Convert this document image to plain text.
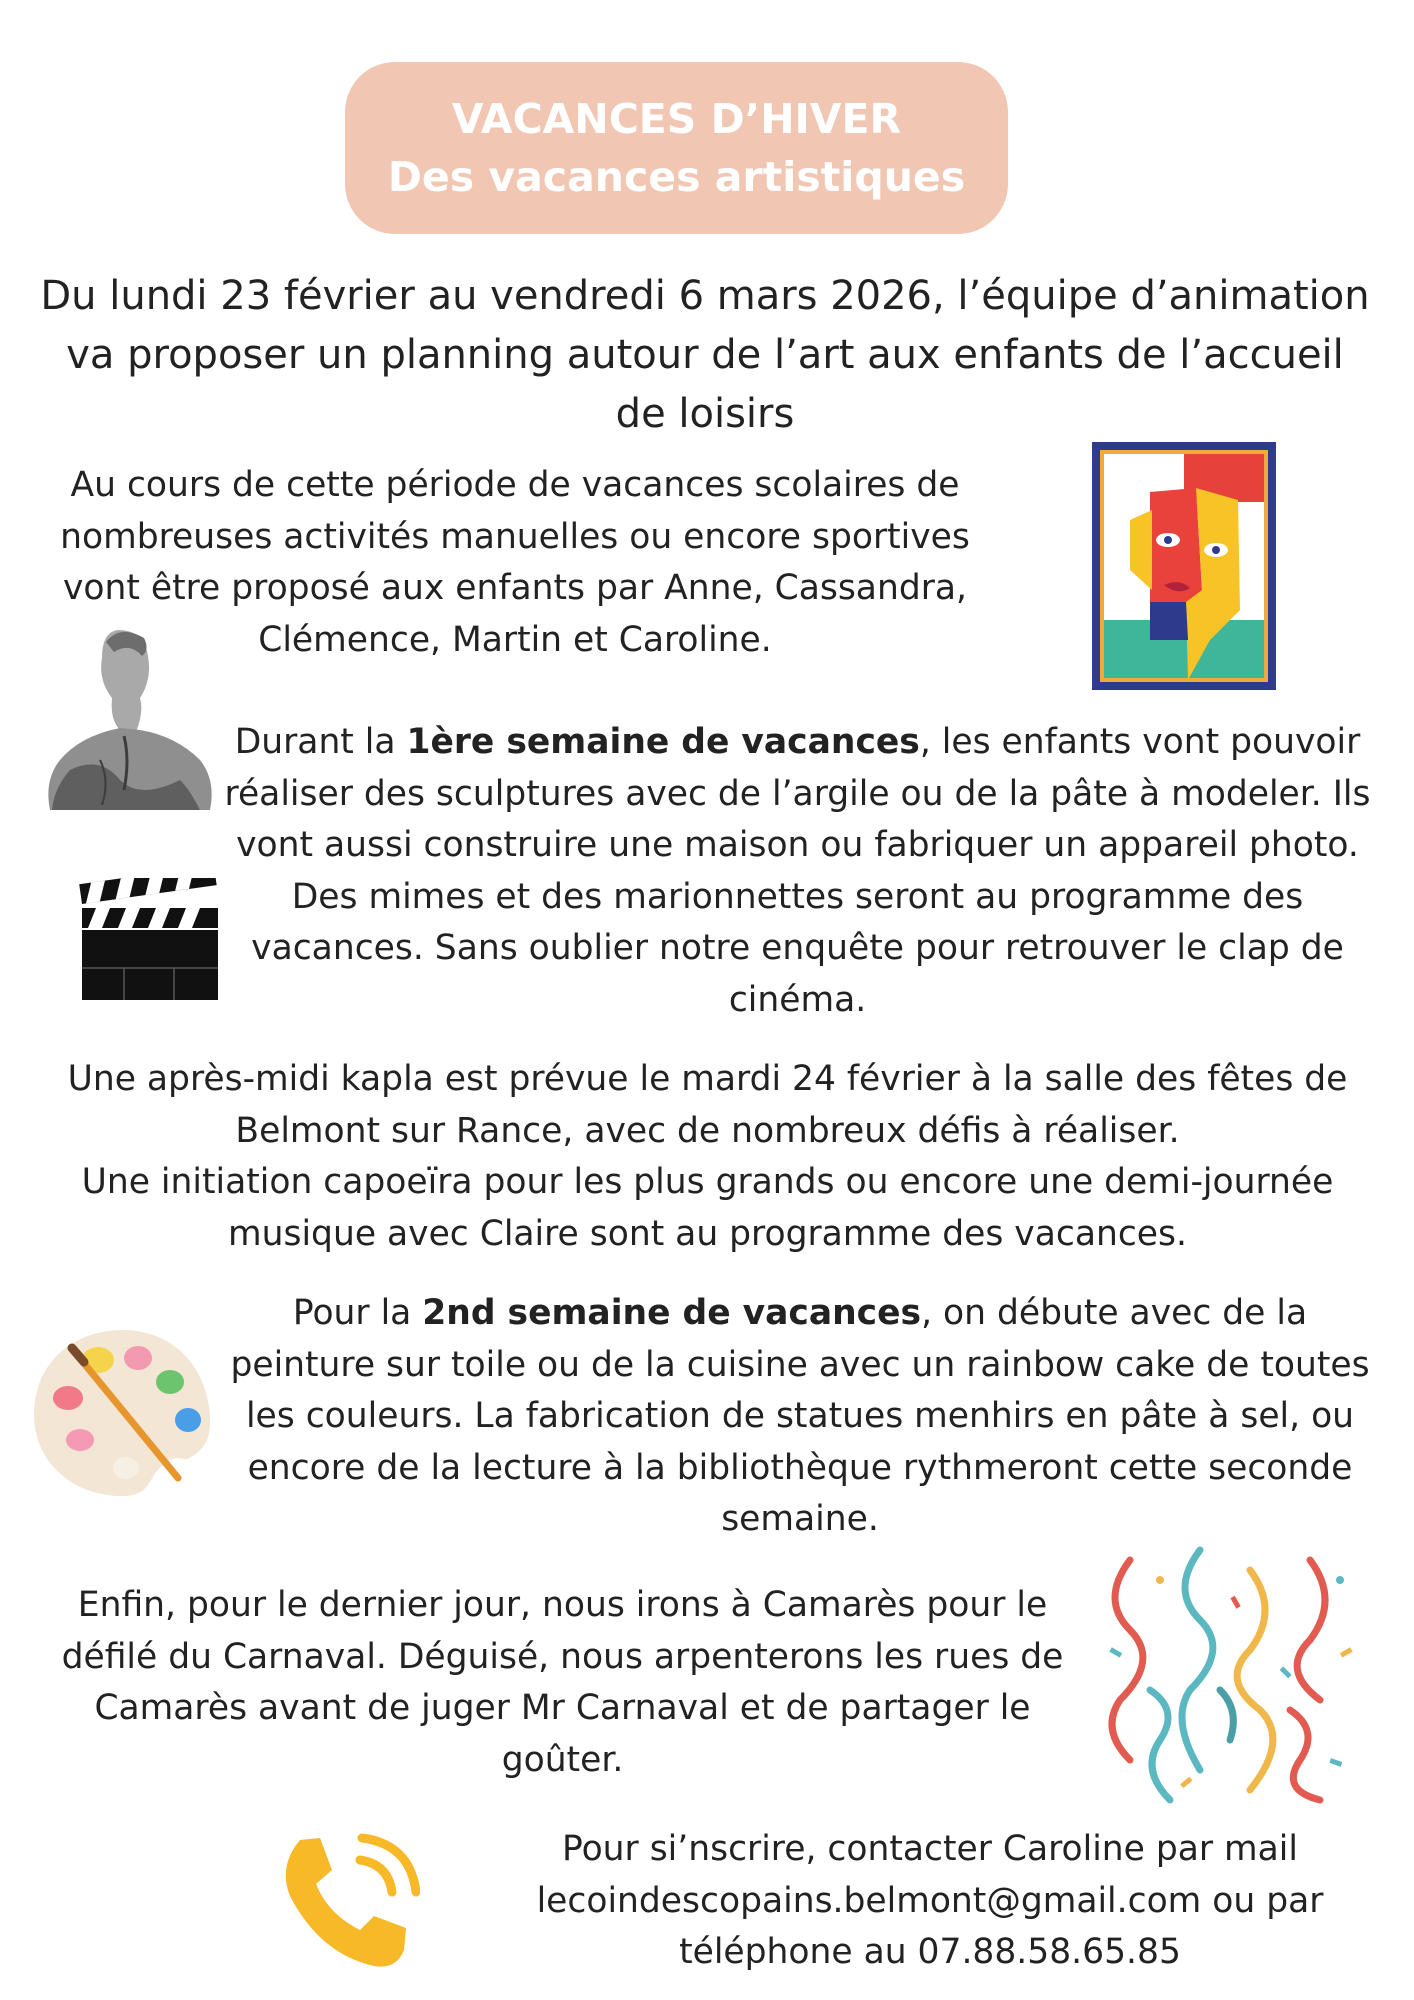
VACANCES D’HIVER
Des vacances artistiques
Du lundi 23 février au vendredi 6 mars 2026, l’équipe d’animation va proposer un planning autour de l’art aux enfants de l’accueil de loisirs
Au cours de cette période de vacances scolaires de
nombreuses activités manuelles ou encore sportives
vont être proposé aux enfants par Anne, Cassandra,
Clémence, Martin et Caroline.
Durant la 1ère semaine de vacances, les enfants vont pouvoir
réaliser des sculptures avec de l’argile ou de la pâte à modeler. Ils
vont aussi construire une maison ou fabriquer un appareil photo.
Des mimes et des marionnettes seront au programme des
vacances. Sans oublier notre enquête pour retrouver le clap de
cinéma.
Une après-midi kapla est prévue le mardi 24 février à la salle des fêtes de
Belmont sur Rance, avec de nombreux défis à réaliser.
Une initiation capoeïra pour les plus grands ou encore une demi-journée
musique avec Claire sont au programme des vacances.
Pour la 2nd semaine de vacances, on débute avec de la
peinture sur toile ou de la cuisine avec un rainbow cake de toutes
les couleurs. La fabrication de statues menhirs en pâte à sel, ou
encore de la lecture à la bibliothèque rythmeront cette seconde
semaine.
Enfin, pour le dernier jour, nous irons à Camarès pour le
défilé du Carnaval. Déguisé, nous arpenterons les rues de
Camarès avant de juger Mr Carnaval et de partager le
goûter.
Pour si’nscrire, contacter Caroline par mail
lecoindescopains.belmont@gmail.com ou par
téléphone au 07.88.58.65.85
